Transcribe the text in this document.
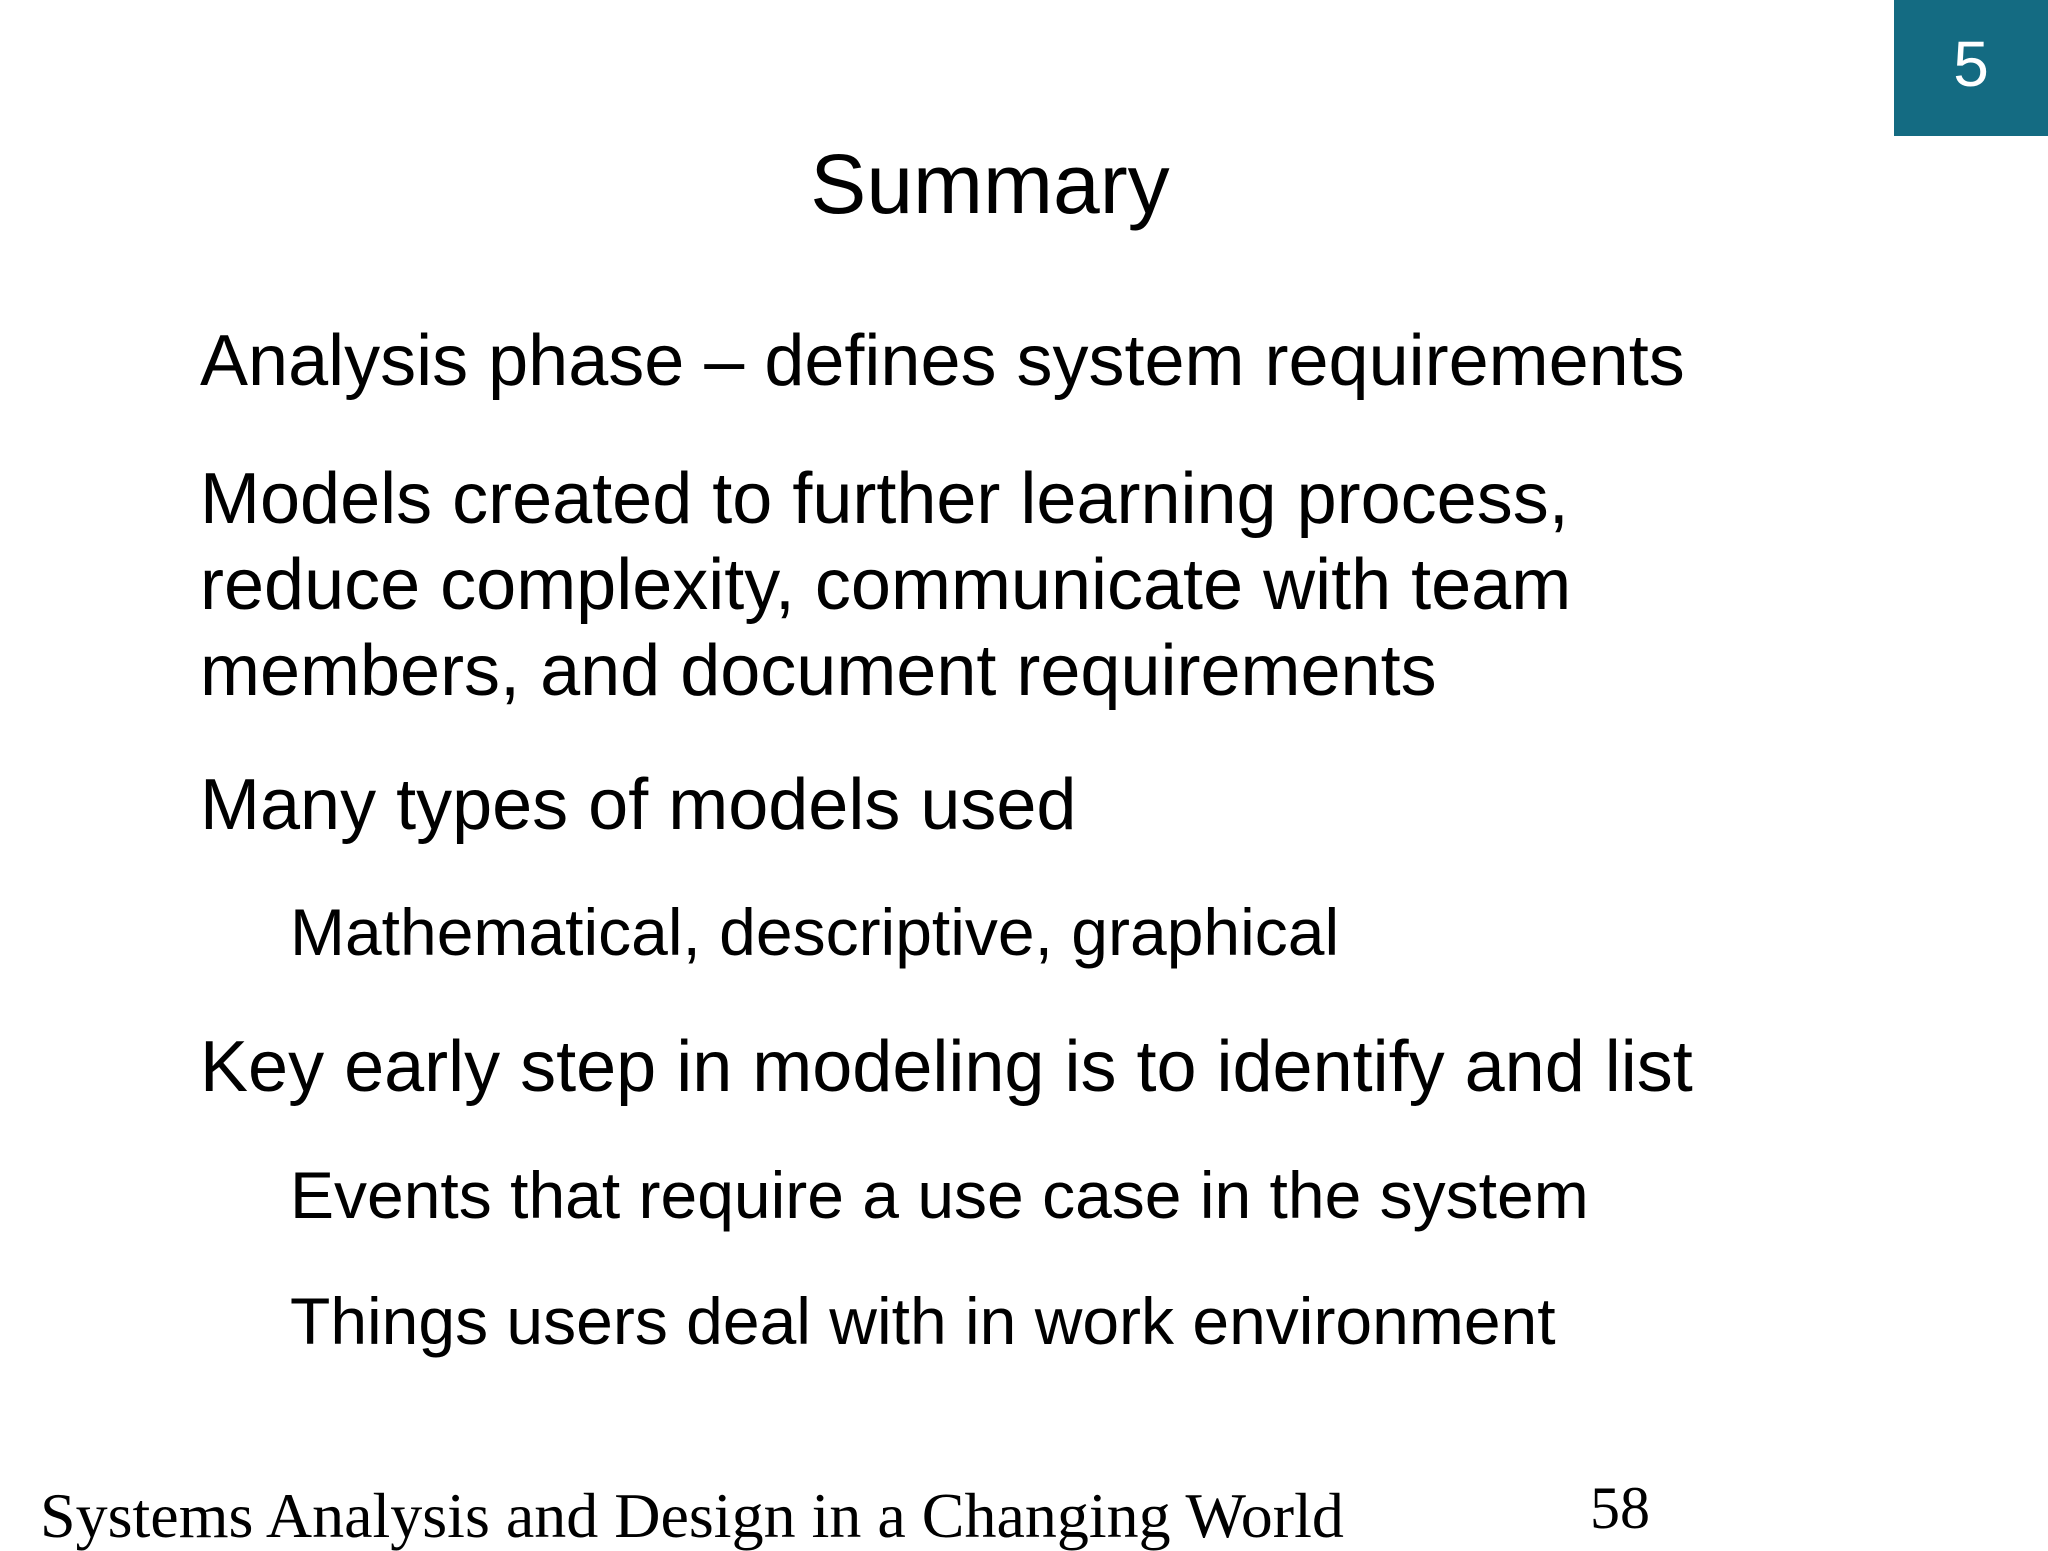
5
Summary

Analysis phase – defines system requirements

Models created to further learning process,
reduce complexity, communicate with team
members, and document requirements

Many types of models used

Mathematical, descriptive, graphical

Key early step in modeling is to identify and list

Events that require a use case in the system

Things users deal with in work environment

Systems Analysis and Design in a Changing World	58
